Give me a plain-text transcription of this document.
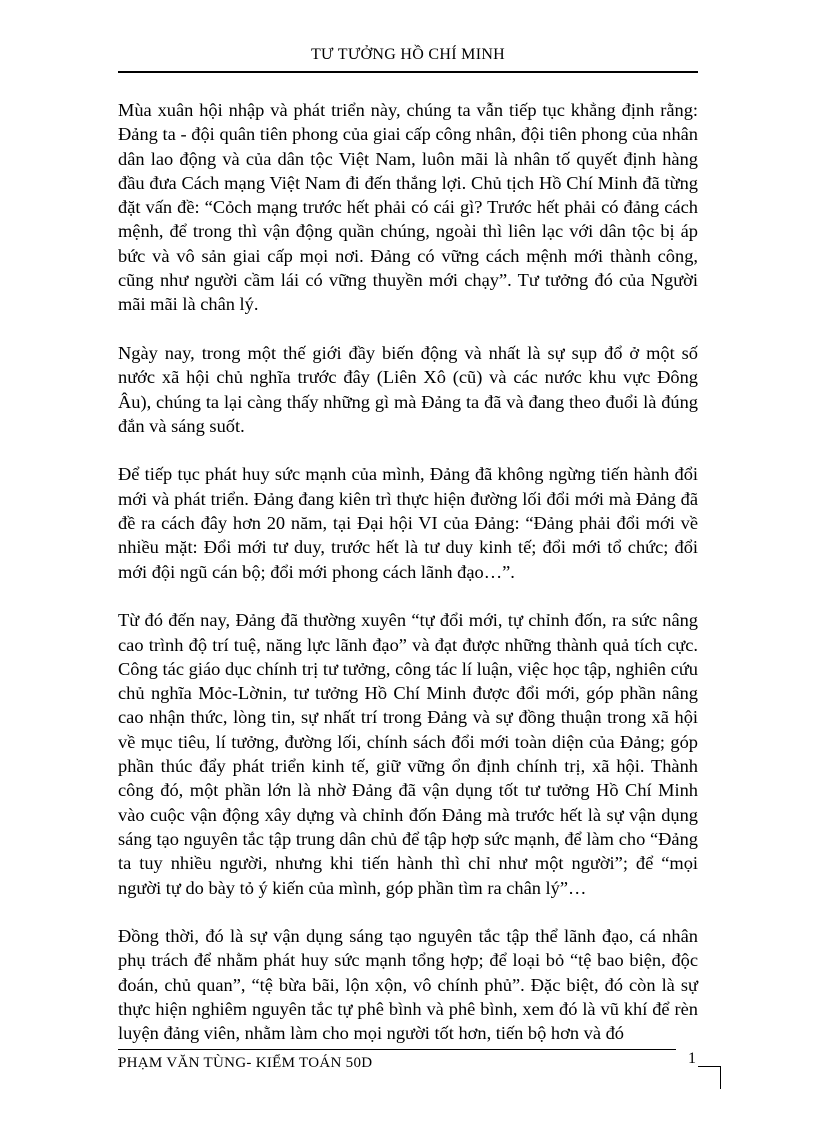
TƯ TƯỞNG HỒ CHÍ MINH

Mùa xuân hội nhập và phát triển này, chúng ta vẫn tiếp tục khẳng định rằng: Đảng ta - đội quân tiên phong của giai cấp công nhân, đội tiên phong của nhân dân lao động và của dân tộc Việt Nam, luôn mãi là nhân tố quyết định hàng đầu đưa Cách mạng Việt Nam đi đến thắng lợi. Chủ tịch Hồ Chí Minh đã từng đặt vấn đề: “Cỏch mạng trước hết phải có cái gì? Trước hết phải có đảng cách mệnh, để trong thì vận động quần chúng, ngoài thì liên lạc với dân tộc bị áp bức và vô sản giai cấp mọi nơi. Đảng có vững cách mệnh mới thành công, cũng như người cầm lái có vững thuyền mới chạy”. Tư tưởng đó của Người mãi mãi là chân lý.

Ngày nay, trong một thế giới đầy biến động và nhất là sự sụp đổ ở một số nước xã hội chủ nghĩa trước đây (Liên Xô (cũ) và các nước khu vực Đông Âu), chúng ta lại càng thấy những gì mà Đảng ta đã và đang theo đuổi là đúng đắn và sáng suốt.

Để tiếp tục phát huy sức mạnh của mình, Đảng đã không ngừng tiến hành đổi mới và phát triển. Đảng đang kiên trì thực hiện đường lối đổi mới mà Đảng đã đề ra cách đây hơn 20 năm, tại Đại hội VI của Đảng: “Đảng phải đổi mới về nhiều mặt: Đổi mới tư duy, trước hết là tư duy kinh tế; đổi mới tổ chức; đổi mới đội ngũ cán bộ; đổi mới phong cách lãnh đạo…”.

Từ đó đến nay, Đảng đã thường xuyên “tự đổi mới, tự chỉnh đốn, ra sức nâng cao trình độ trí tuệ, năng lực lãnh đạo” và đạt được những thành quả tích cực. Công tác giáo dục chính trị tư tưởng, công tác lí luận, việc học tập, nghiên cứu chủ nghĩa Mỏc-Lờnin, tư tưởng Hồ Chí Minh được đổi mới, góp phần nâng cao nhận thức, lòng tin, sự nhất trí trong Đảng và sự đồng thuận trong xã hội về mục tiêu, lí tưởng, đường lối, chính sách đổi mới toàn diện của Đảng; góp phần thúc đẩy phát triển kinh tế, giữ vững ổn định chính trị, xã hội. Thành công đó, một phần lớn là nhờ Đảng đã vận dụng tốt tư tưởng Hồ Chí Minh vào cuộc vận động xây dựng và chỉnh đốn Đảng mà trước hết là sự vận dụng sáng tạo nguyên tắc tập trung dân chủ để tập hợp sức mạnh, để làm cho “Đảng ta tuy nhiều người, nhưng khi tiến hành thì chỉ như một người”; để “mọi người tự do bày tỏ ý kiến của mình, góp phần tìm ra chân lý”…

Đồng thời, đó là sự vận dụng sáng tạo nguyên tắc tập thể lãnh đạo, cá nhân phụ trách để nhằm phát huy sức mạnh tổng hợp; để loại bỏ “tệ bao biện, độc đoán, chủ quan”, “tệ bừa bãi, lộn xộn, vô chính phủ”. Đặc biệt, đó còn là sự thực hiện nghiêm nguyên tắc tự phê bình và phê bình, xem đó là vũ khí để rèn luyện đảng viên, nhằm làm cho mọi người tốt hơn, tiến bộ hơn và đó

PHẠM VĂN TÙNG- KIỂM TOÁN 50D	1
